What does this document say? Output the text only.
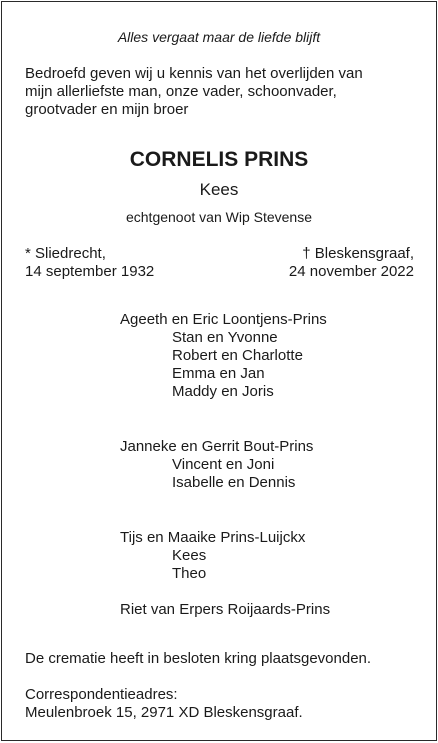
Alles vergaat maar de liefde blijft
Bedroefd geven wij u kennis van het overlijden van
mijn allerliefste man, onze vader, schoonvader,
grootvader en mijn broer
CORNELIS PRINS
Kees
echtgenoot van Wip Stevense
* Sliedrecht,
14 september 1932
† Bleskensgraaf,
24 november 2022
Ageeth en Eric Loontjens-Prins
Stan en Yvonne
Robert en Charlotte
Emma en Jan
Maddy en Joris
Janneke en Gerrit Bout-Prins
Vincent en Joni
Isabelle en Dennis
Tijs en Maaike Prins-Luijckx
Kees
Theo
Riet van Erpers Roijaards-Prins
De crematie heeft in besloten kring plaatsgevonden.
Correspondentieadres:
Meulenbroek 15, 2971 XD Bleskensgraaf.
